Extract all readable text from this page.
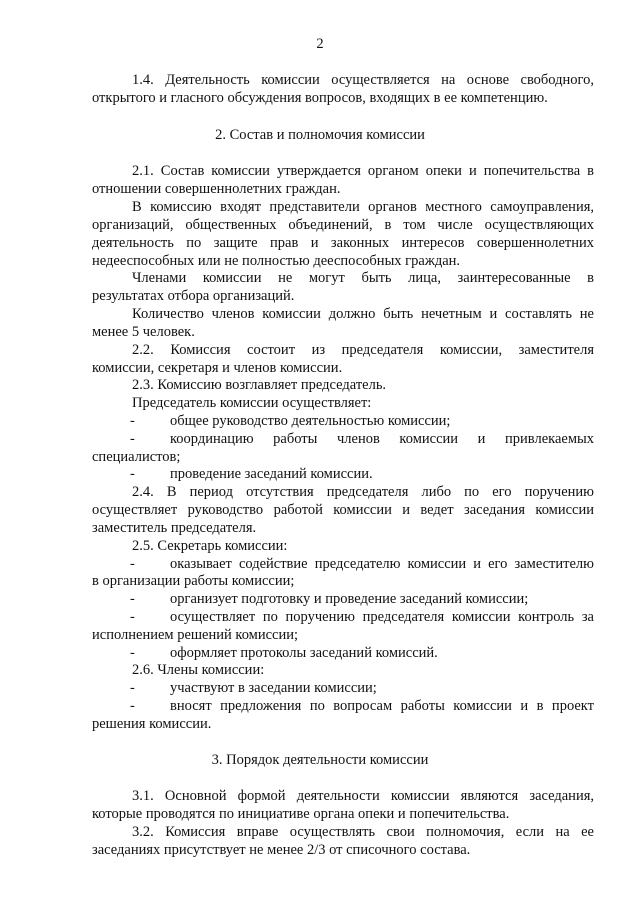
2
1.4. Деятельность комиссии осуществляется на основе свободного,
открытого и гласного обсуждения вопросов, входящих в ее компетенцию.
2. Состав и полномочия комиссии
2.1. Состав комиссии утверждается органом опеки и попечительства в
отношении совершеннолетних граждан.
В комиссию входят представители органов местного самоуправления,
организаций, общественных объединений, в том числе осуществляющих
деятельность по защите прав и законных интересов совершеннолетних
недееспособных или не полностью дееспособных граждан.
Членами комиссии не могут быть лица, заинтересованные в
результатах отбора организаций.
Количество членов комиссии должно быть нечетным и составлять не
менее 5 человек.
2.2. Комиссия состоит из председателя комиссии, заместителя
комиссии, секретаря и членов комиссии.
2.3. Комиссию возглавляет председатель.
Председатель комиссии осуществляет:
-	общее руководство деятельностью комиссии;
-	координацию работы членов комиссии и привлекаемых
специалистов;
-	проведение заседаний комиссии.
2.4. В период отсутствия председателя либо по его поручению
осуществляет руководство работой комиссии и ведет заседания комиссии
заместитель председателя.
2.5. Секретарь комиссии:
-	оказывает содействие председателю комиссии и его заместителю
в организации работы комиссии;
-	организует подготовку и проведение заседаний комиссии;
-	осуществляет по поручению председателя комиссии контроль за
исполнением решений комиссии;
-	оформляет протоколы заседаний комиссий.
2.6. Члены комиссии:
-	участвуют в заседании комиссии;
-	вносят предложения по вопросам работы комиссии и в проект
решения комиссии.
3. Порядок деятельности комиссии
3.1. Основной формой деятельности комиссии являются заседания,
которые проводятся по инициативе органа опеки и попечительства.
3.2. Комиссия вправе осуществлять свои полномочия, если на ее
заседаниях присутствует не менее 2/3 от списочного состава.
